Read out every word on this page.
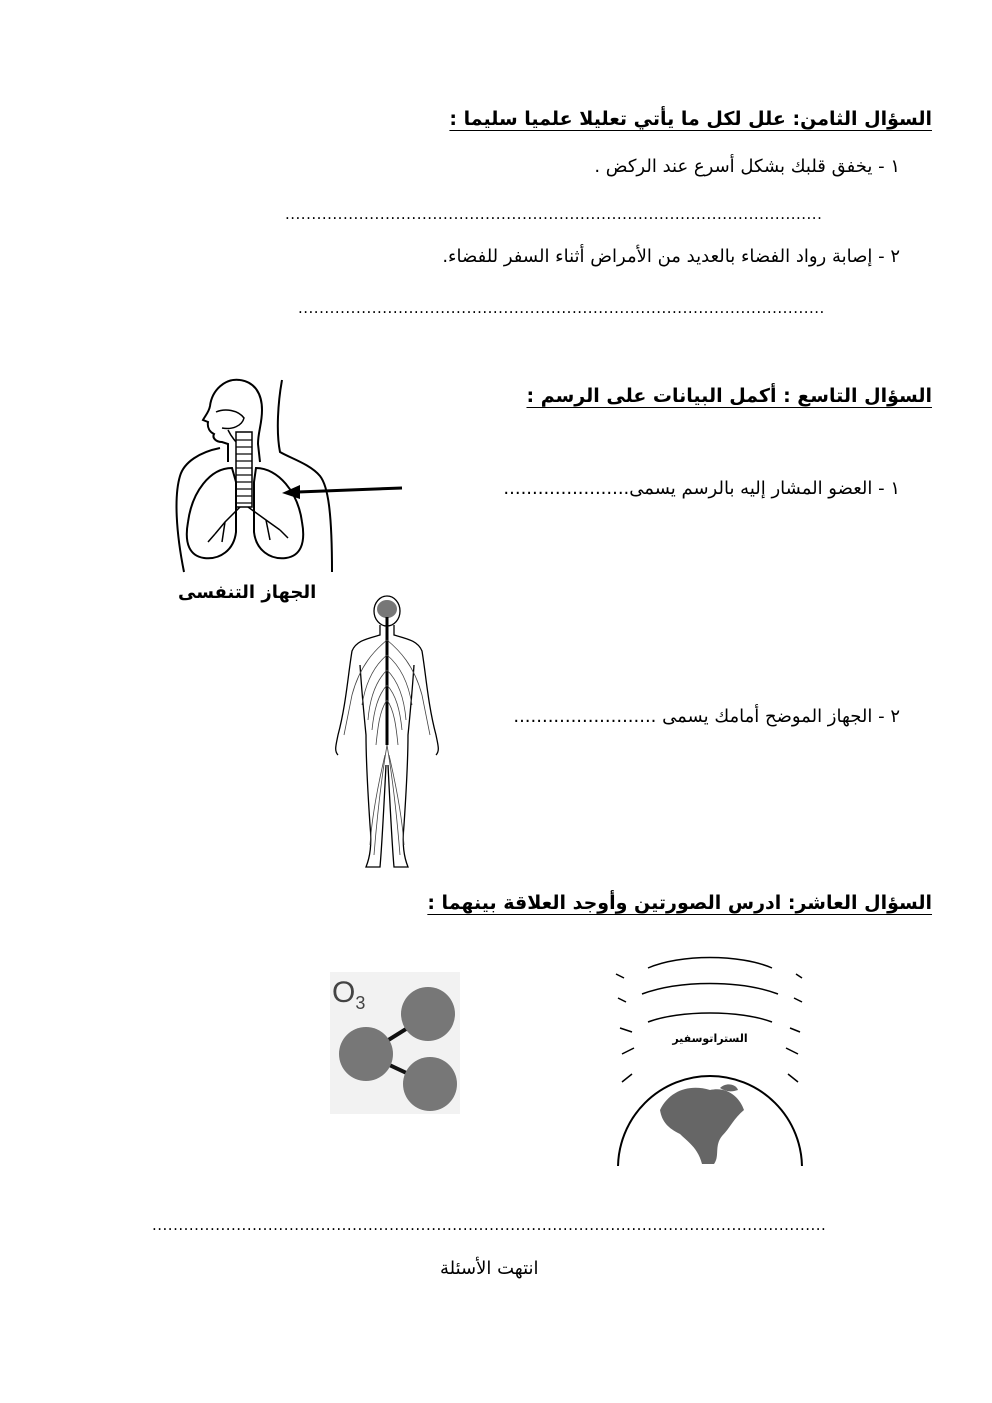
السؤال الثامن: علل لكل ما يأتي تعليلا علميا سليما :
١ - يخفق قلبك بشكل أسرع عند الركض .
......................................................................................................
٢ - إصابة رواد الفضاء بالعديد من الأمراض أثناء السفر للفضاء.
....................................................................................................
السؤال التاسع : أكمل البيانات على الرسم :
١ - العضو المشار إليه بالرسم يسمى......................
٢ - الجهاز الموضح أمامك يسمى .........................
الجهاز التنفسى
السؤال العاشر: ادرس الصورتين وأوجد العلاقة بينهما :
$O_3$
الستراتوسفير
................................................................................................................................
انتهت الأسئلة
